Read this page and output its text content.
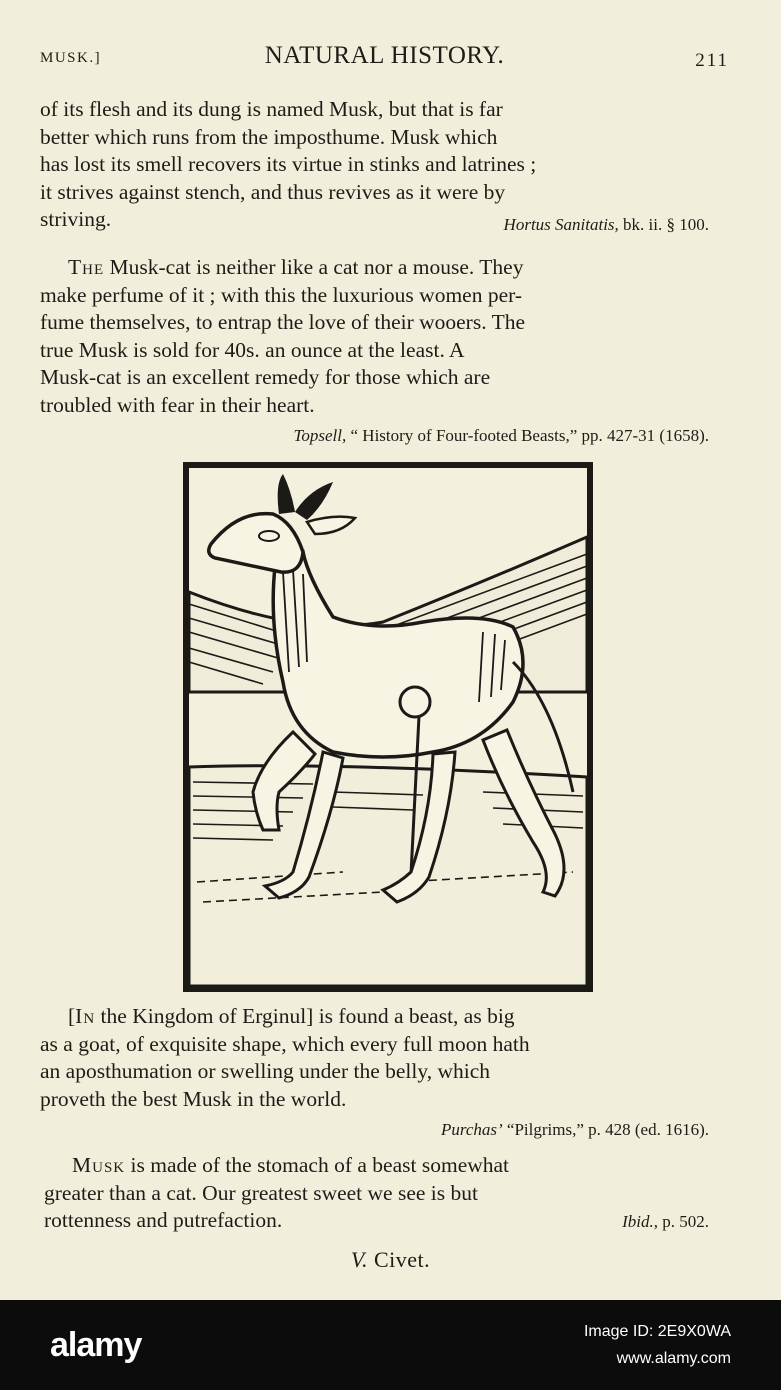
MUSK.]	NATURAL HISTORY.	211

of its flesh and its dung is named Musk, but that is far
better which runs from the imposthume. Musk which
has lost its smell recovers its virtue in stinks and latrines ;
it strives against stench, and thus revives as it were by
striving.	Hortus Sanitatis, bk. ii. § 100.

The Musk-cat is neither like a cat nor a mouse. They
make perfume of it ; with this the luxurious women per-
fume themselves, to entrap the love of their wooers. The
true Musk is sold for 40s. an ounce at the least. A
Musk-cat is an excellent remedy for those which are
troubled with fear in their heart.

Topsell, “ History of Four-footed Beasts,” pp. 427-31 (1658).

[In the Kingdom of Erginul] is found a beast, as big
as a goat, of exquisite shape, which every full moon hath
an aposthumation or swelling under the belly, which
proveth the best Musk in the world.

Purchas’ “Pilgrims,” p. 428 (ed. 1616).

Musk is made of the stomach of a beast somewhat
greater than a cat. Our greatest sweet we see is but
rottenness and putrefaction.	Ibid., p. 502.
V. Civet.
alamy	Image ID: 2E9X0WA
www.alamy.com
